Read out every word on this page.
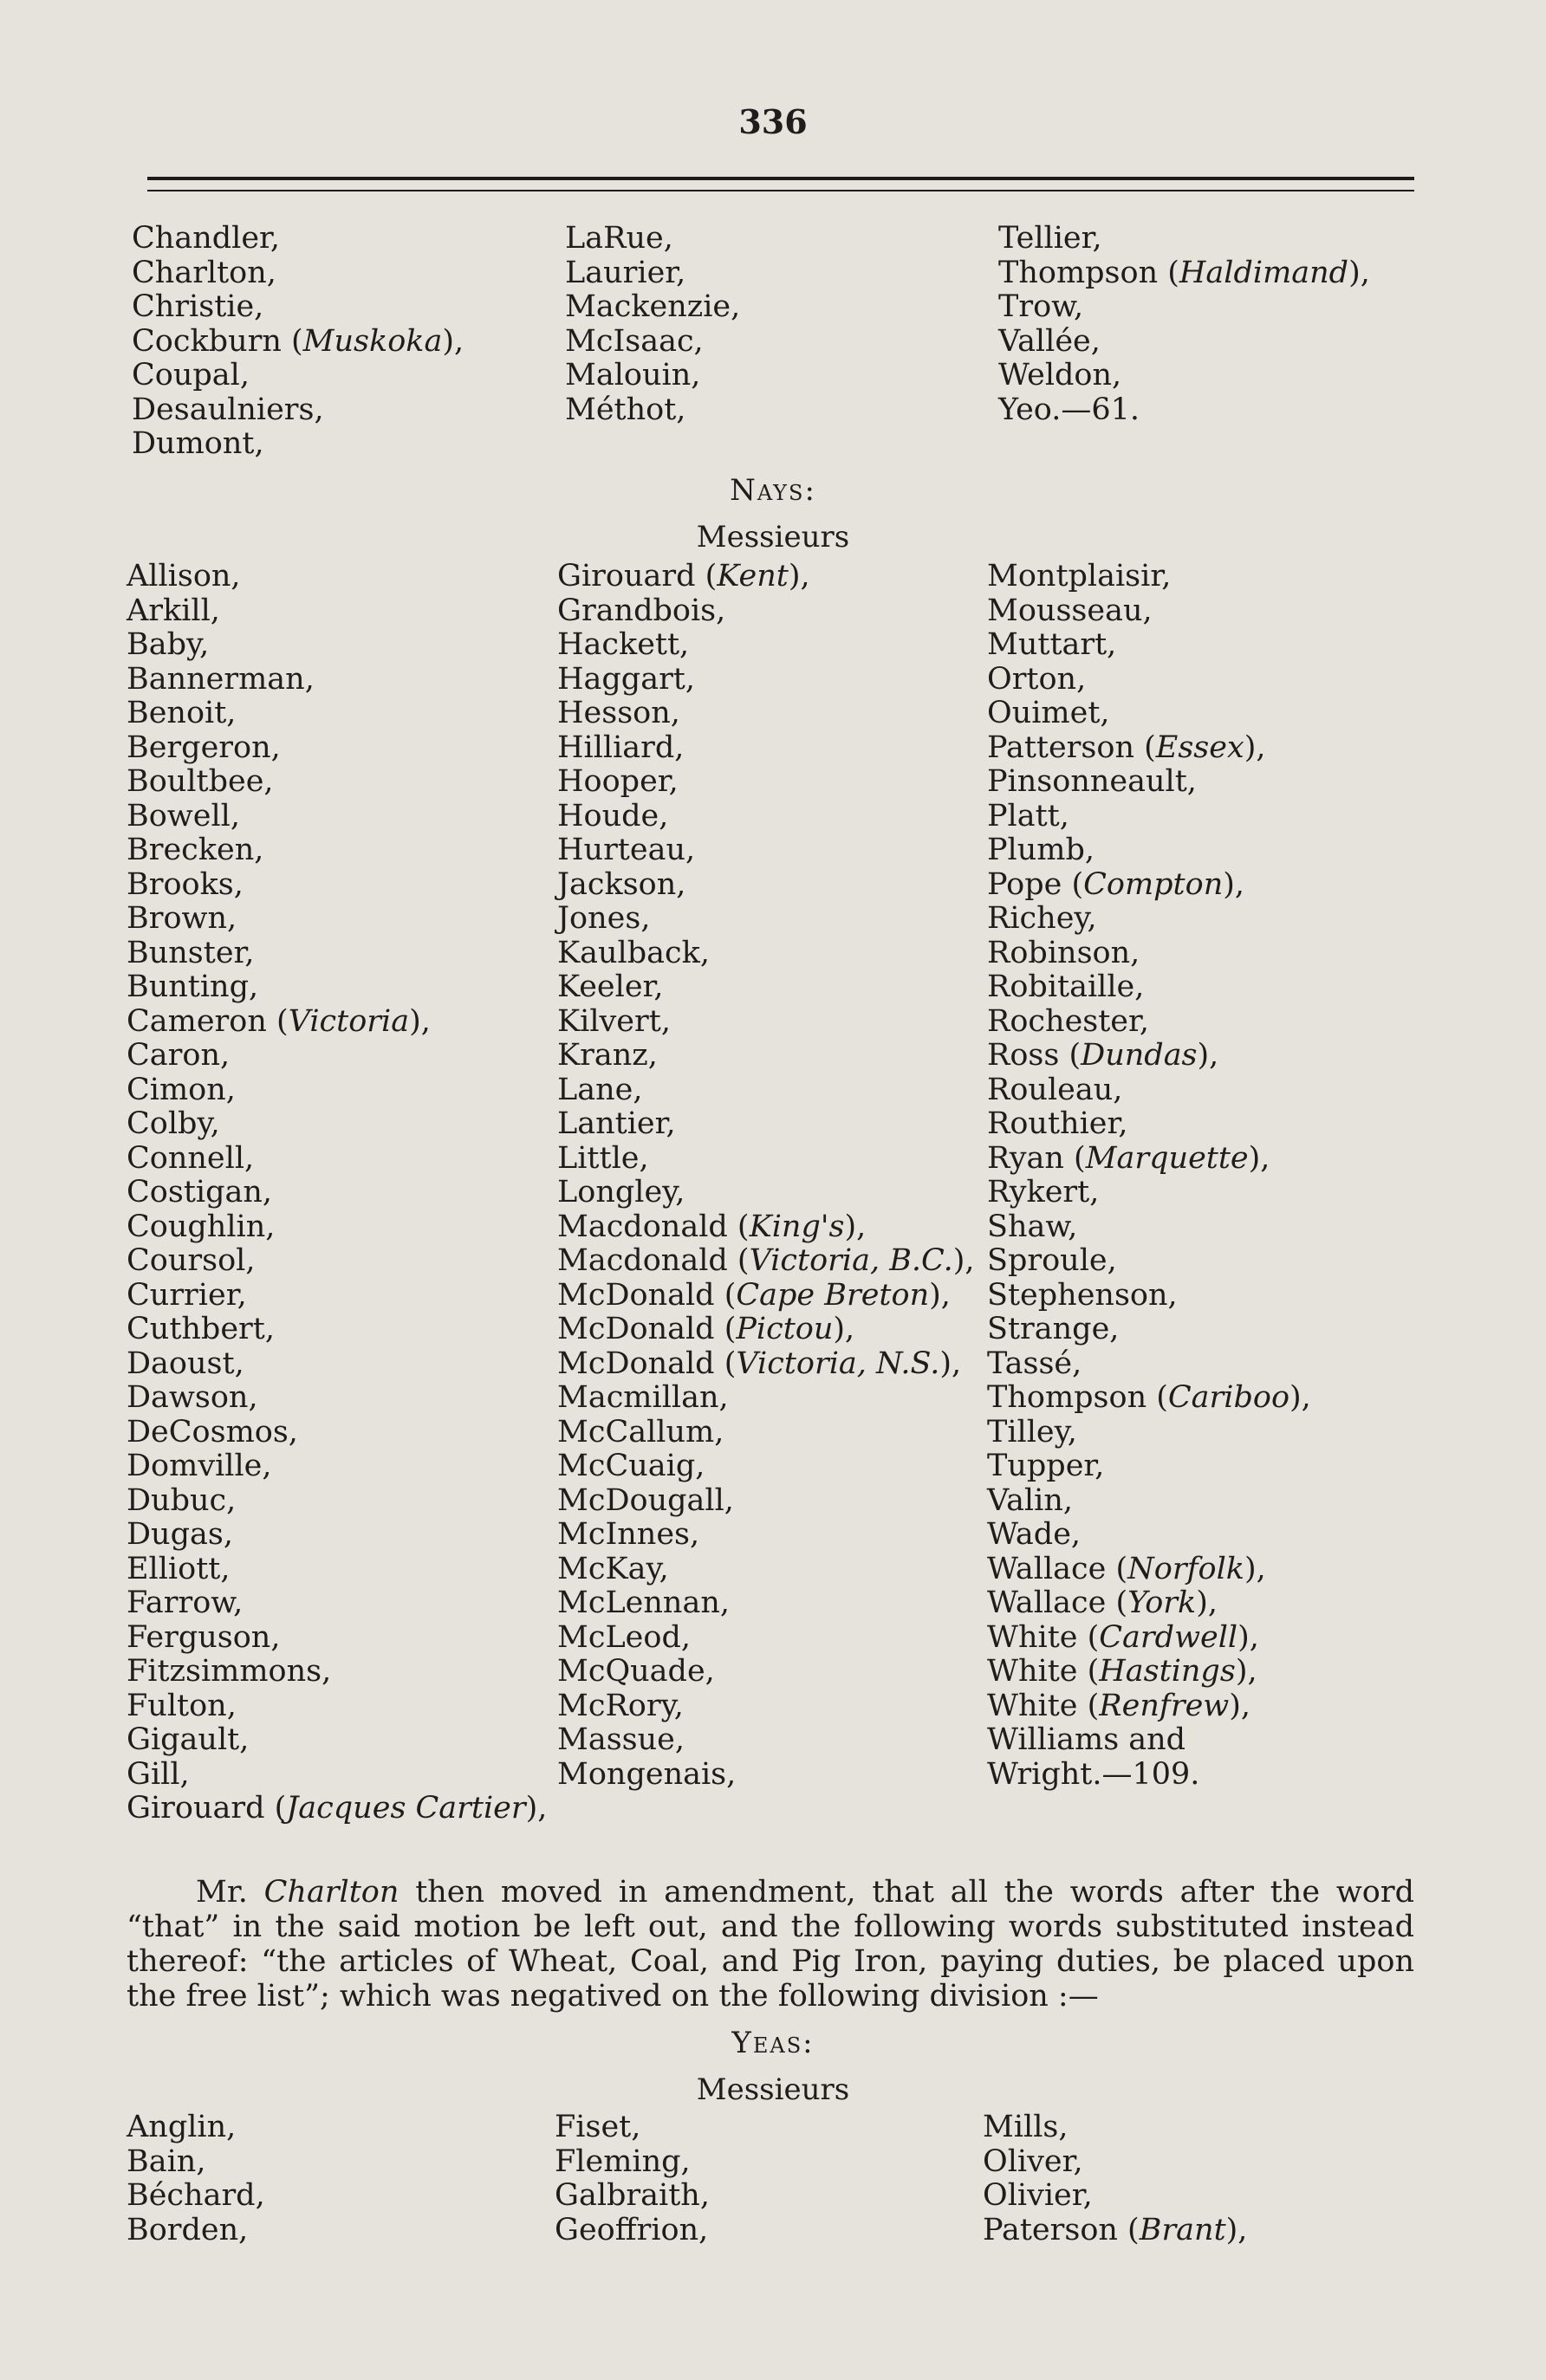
336
Chandler,
Charlton,
Christie,
Cockburn (Muskoka),
Coupal,
Desaulniers,
Dumont,
LaRue,
Laurier,
Mackenzie,
McIsaac,
Malouin,
Méthot,
Tellier,
Thompson (Haldimand),
Trow,
Vallée,
Weldon,
Yeo.—61.
Nays:
Messieurs
Allison,
Arkill,
Baby,
Bannerman,
Benoit,
Bergeron,
Boultbee,
Bowell,
Brecken,
Brooks,
Brown,
Bunster,
Bunting,
Cameron (Victoria),
Caron,
Cimon,
Colby,
Connell,
Costigan,
Coughlin,
Coursol,
Currier,
Cuthbert,
Daoust,
Dawson,
DeCosmos,
Domville,
Dubuc,
Dugas,
Elliott,
Farrow,
Ferguson,
Fitzsimmons,
Fulton,
Gigault,
Gill,
Girouard (Jacques Cartier),
Girouard (Kent),
Grandbois,
Hackett,
Haggart,
Hesson,
Hilliard,
Hooper,
Houde,
Hurteau,
Jackson,
Jones,
Kaulback,
Keeler,
Kilvert,
Kranz,
Lane,
Lantier,
Little,
Longley,
Macdonald (King's),
Macdonald (Victoria, B.C.),
McDonald (Cape Breton),
McDonald (Pictou),
McDonald (Victoria, N.S.),
Macmillan,
McCallum,
McCuaig,
McDougall,
McInnes,
McKay,
McLennan,
McLeod,
McQuade,
McRory,
Massue,
Mongenais,
Montplaisir,
Mousseau,
Muttart,
Orton,
Ouimet,
Patterson (Essex),
Pinsonneault,
Platt,
Plumb,
Pope (Compton),
Richey,
Robinson,
Robitaille,
Rochester,
Ross (Dundas),
Rouleau,
Routhier,
Ryan (Marquette),
Rykert,
Shaw,
Sproule,
Stephenson,
Strange,
Tassé,
Thompson (Cariboo),
Tilley,
Tupper,
Valin,
Wade,
Wallace (Norfolk),
Wallace (York),
White (Cardwell),
White (Hastings),
White (Renfrew),
Williams and
Wright.—109.
Mr. Charlton then moved in amendment, that all the words after the word “that” in the said motion be left out, and the following words substituted instead thereof: “the articles of Wheat, Coal, and Pig Iron, paying duties, be placed upon the free list”; which was negatived on the following division :—
Yeas:
Messieurs
Anglin,
Bain,
Béchard,
Borden,
Fiset,
Fleming,
Galbraith,
Geoffrion,
Mills,
Oliver,
Olivier,
Paterson (Brant),
